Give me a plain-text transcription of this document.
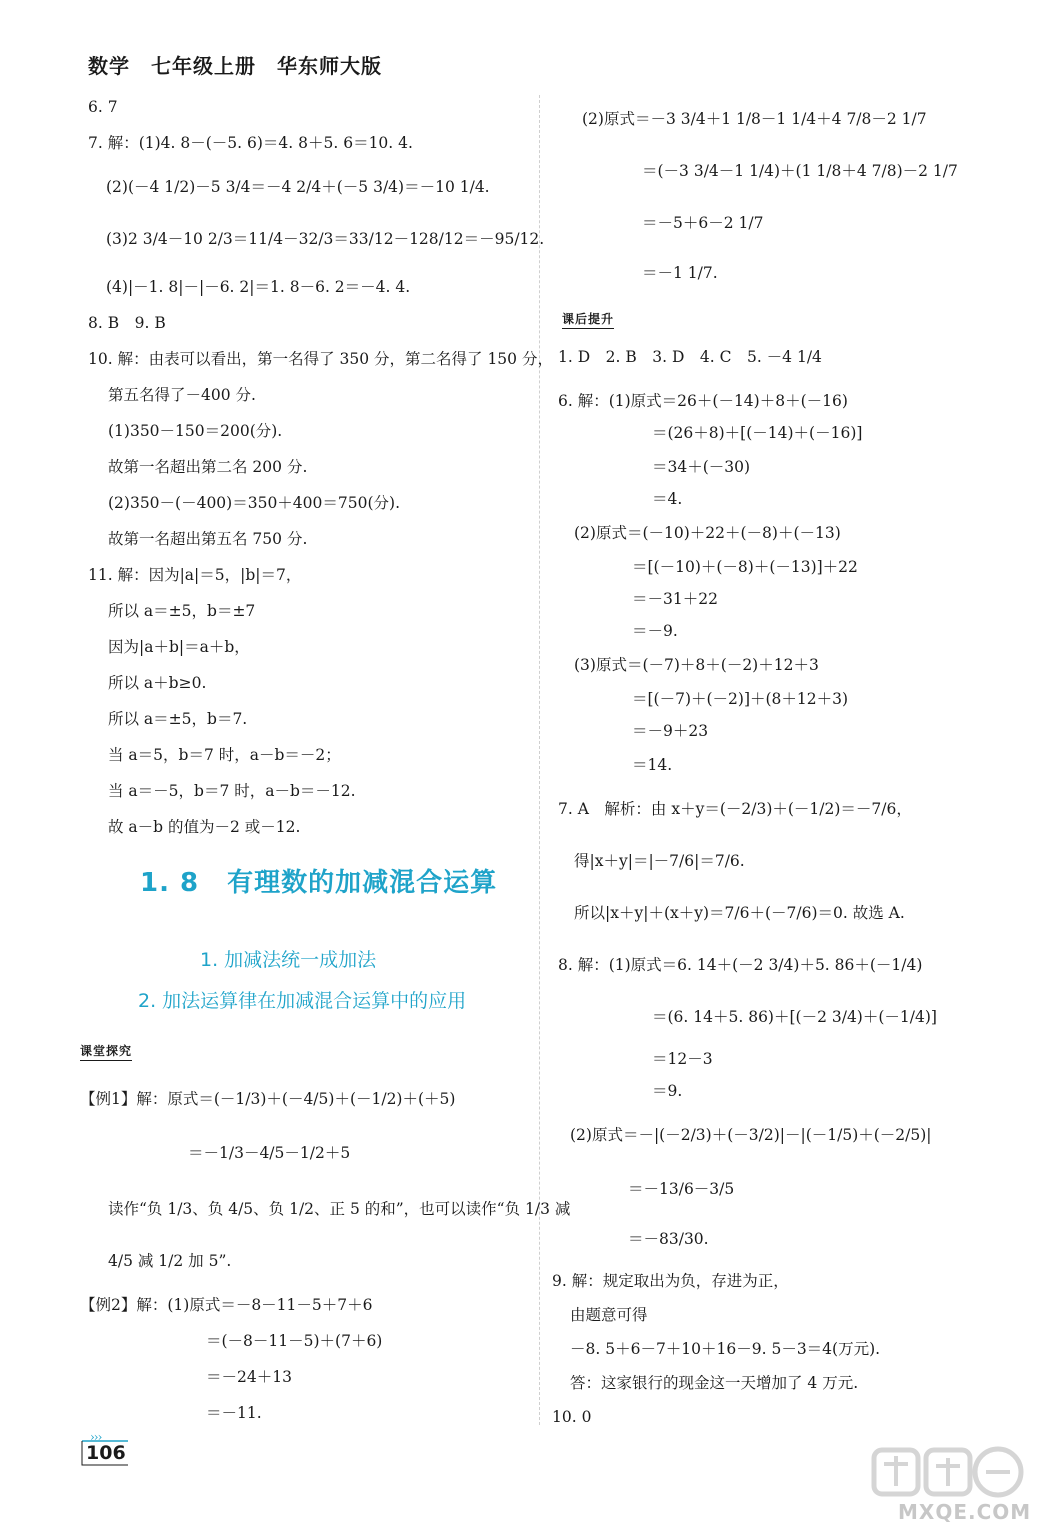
数学　七年级上册　华东师大版
6. 7
7. 解：(1)4. 8－(－5. 6)＝4. 8＋5. 6＝10. 4.
(2)(－4 1/2)－5 3/4＝－4 2/4＋(－5 3/4)＝－10 1/4.
(3)2 3/4－10 2/3＝11/4－32/3＝33/12－128/12＝－95/12.
(4)|－1. 8|－|－6. 2|＝1. 8－6. 2＝－4. 4.
8. B　9. B
10. 解：由表可以看出，第一名得了 350 分，第二名得了 150 分，
第五名得了－400 分.
(1)350－150＝200(分).
故第一名超出第二名 200 分.
(2)350－(－400)＝350＋400＝750(分).
故第一名超出第五名 750 分.
11. 解：因为|a|＝5，|b|＝7，
所以 a＝±5，b＝±7
因为|a＋b|＝a＋b，
所以 a＋b≥0.
所以 a＝±5，b＝7.
当 a＝5，b＝7 时，a－b＝－2；
当 a＝－5，b＝7 时，a－b＝－12.
故 a－b 的值为－2 或－12.
1. 8 有理数的加减混合运算
1. 加减法统一成加法
2. 加法运算律在加减混合运算中的应用
课堂探究
【例1】解：原式＝(－1/3)＋(－4/5)＋(－1/2)＋(＋5)
＝－1/3－4/5－1/2＋5
读作“负 1/3、负 4/5、负 1/2、正 5 的和”，也可以读作“负 1/3 减
4/5 减 1/2 加 5”.
【例2】解：(1)原式＝－8－11－5＋7＋6
＝(－8－11－5)＋(7＋6)
＝－24＋13
＝－11.
(2)原式＝－3 3/4＋1 1/8－1 1/4＋4 7/8－2 1/7
＝(－3 3/4－1 1/4)＋(1 1/8＋4 7/8)－2 1/7
＝－5＋6－2 1/7
＝－1 1/7.
课后提升
1. D　2. B　3. D　4. C　5. －4 1/4
6. 解：(1)原式＝26＋(－14)＋8＋(－16)
＝(26＋8)＋[(－14)＋(－16)]
＝34＋(－30)
＝4.
(2)原式＝(－10)＋22＋(－8)＋(－13)
＝[(－10)＋(－8)＋(－13)]＋22
＝－31＋22
＝－9.
(3)原式＝(－7)＋8＋(－2)＋12＋3
＝[(－7)＋(－2)]＋(8＋12＋3)
＝－9＋23
＝14.
7. A　解析：由 x＋y＝(－2/3)＋(－1/2)＝－7/6，
得|x＋y|＝|－7/6|＝7/6.
所以|x＋y|＋(x＋y)＝7/6＋(－7/6)＝0. 故选 A.
8. 解：(1)原式＝6. 14＋(－2 3/4)＋5. 86＋(－1/4)
＝(6. 14＋5. 86)＋[(－2 3/4)＋(－1/4)]
＝12－3
＝9.
(2)原式＝－|(－2/3)＋(－3/2)|－|(－1/5)＋(－2/5)|
＝－13/6－3/5
＝－83/30.
9. 解：规定取出为负，存进为正，
由题意可得
－8. 5＋6－7＋10＋16－9. 5－3＝4(万元).
答：这家银行的现金这一天增加了 4 万元.
10. 0
›››
106
MXQE.COM
